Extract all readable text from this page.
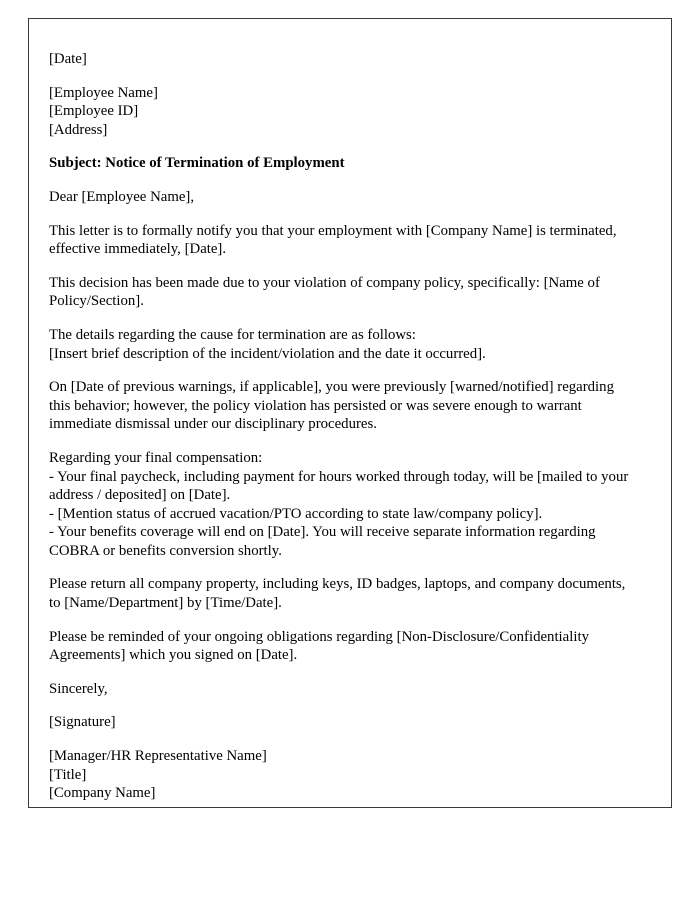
[Date]
[Employee Name]
[Employee ID]
[Address]
Subject: Notice of Termination of Employment
Dear [Employee Name],
This letter is to formally notify you that your employment with [Company Name] is terminated, effective immediately, [Date].
This decision has been made due to your violation of company policy, specifically: [Name of Policy/Section].
The details regarding the cause for termination are as follows:
[Insert brief description of the incident/violation and the date it occurred].
On [Date of previous warnings, if applicable], you were previously [warned/notified] regarding this behavior; however, the policy violation has persisted or was severe enough to warrant immediate dismissal under our disciplinary procedures.
Regarding your final compensation:
- Your final paycheck, including payment for hours worked through today, will be [mailed to your address / deposited] on [Date].
- [Mention status of accrued vacation/PTO according to state law/company policy].
- Your benefits coverage will end on [Date]. You will receive separate information regarding COBRA or benefits conversion shortly.
Please return all company property, including keys, ID badges, laptops, and company documents, to [Name/Department] by [Time/Date].
Please be reminded of your ongoing obligations regarding [Non-Disclosure/Confidentiality Agreements] which you signed on [Date].
Sincerely,
[Signature]
[Manager/HR Representative Name]
[Title]
[Company Name]
